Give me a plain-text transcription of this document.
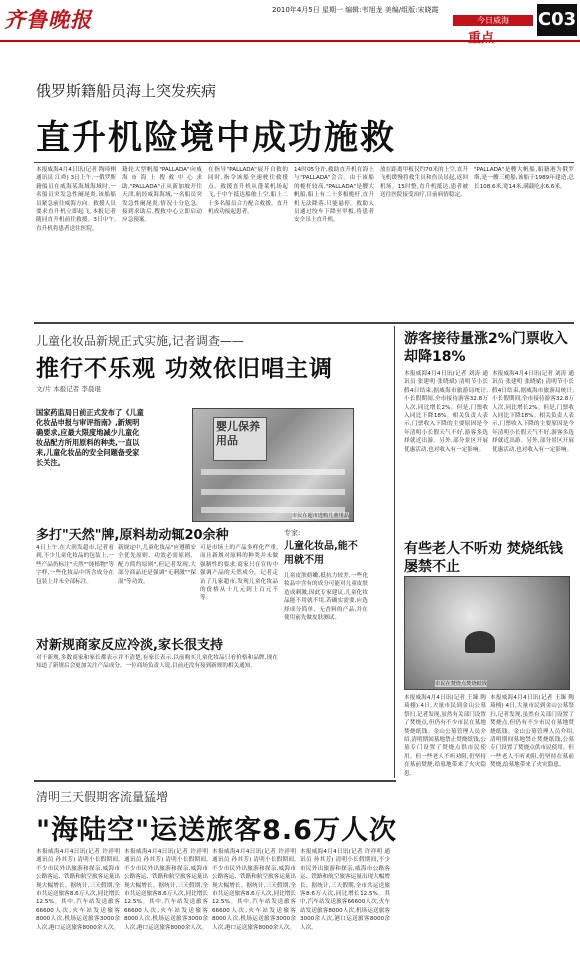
齐鲁晚报	2010年4月5日 星期一 编辑:韦旭龙 美编/组版:宋晓霞
今日威海
重点
C03
俄罗斯籍船员海上突发疾病
直升机险境中成功施救
本报威海4月4日讯(记者 陶琦栩 通讯员 江舜) 3日上午,一俄罗斯籍船员在威海某海域海域时,一名船员突发急性阑尾炎,该船船员紧急前往威海方向。救援人员要求直升机立即起飞,本报记者随同直升机前往救援。3日中午,直升机将患者送往医院。
籍轮大型帆船"PALLADA"向威海市海上搜救中心求助,"PALLADA"正从新加坡开往天津,航经威海海域,一名船员突发急性阑尾炎,情况十分危急。接到求助后,搜救中心立即启动应急预案。
在指导"PALLADA"展开自救的同时,指令该船全速驶往救援点。救援直升机从蓬莱机场起飞,于中午抵达船舶上空,船上二十多名船员合力配合救援。直升机成功接起患者。
14时05分许,救助直升机在海上与"PALLADA"会合。由于该船的桅杆较高,"PALLADA"是艘大帆船,船上有二十多根桅杆,直升机无法降落,只能悬停。救助人员通过绞车下降至甲板,将患者安全吊上直升机。
放在距离甲板仅约70米的上空,直升飞机缓慢将救生员和伤员吊起,返回机场。15时整,直升机抵达,患者被送往医院接受治疗,目前病情稳定。
"PALLADA"是艘大帆船,船籍港为俄罗斯,是一艘三桅船,该船于1989年建造,总长108.6米,宽14米,满载吃水6.6米。
儿童化妆品新规正式实施,记者调查——
推行不乐观 功效依旧唱主调
文/片 本报记者 李晨琨
国家药监局日前正式发布了《儿童化妆品申报与审评指南》,新规明确要求,应最大限度地减少儿童化妆品配方所用原料的种类,一直以来,儿童化妆品的安全问题备受家长关注。
婴儿保养用品
市民在超市选购儿童用品
多打"天然"牌,原料劫动辄20余种
4日上午,在大润发超市,记者看到,不少儿童化妆品的包装上,一些产品仍标注"天然""纯植物"等字样,一些化妆品中所含成分在包装上并未全部标注。
新规定中,儿童化妆品"应遵循安全优先原则、功效必需原则、配方简约原则",但记者发现,大部分商品还是强调"无刺激""保湿"等功效。
可是市场上的产品多样化严重,而且新规对原料的种类并未做强制性的要求,商家只在宣传中强调产品的天然成分。记者走访了几家超市,发现儿童化妆品的价格从十几元到上百元不等。
对新规商家反应冷淡,家长很支持
对于新规,多数商家和家长都表示并不清楚,有家长表示,以前购买儿童化妆品只看价格和品牌,现在知道了新规后会更加关注产品成分。一位商场负责人说,目前还没有接到新规的相关通知。
专家:
儿童化妆品,能不用就不用
儿童皮肤娇嫩,抵抗力较差,一些化妆品中含有的成分可能对儿童皮肤造成刺激,因此专家建议,儿童化妆品能不用就不用,若确实需要,应选择成分简单、无香料的产品,并在使用前先做皮肤测试。
游客接待量涨2%门票收入却降18%
本报威海4月4日讯(记者 刘涛 通讯员 张建明 张晓斌) 清明节小长假4日结束,据威海市旅游局统计,小长假期间,全市接待游客32.8万人次,同比增长2%。但是,门票收入同比下降18%。相关负责人表示,门票收入下降的主要原因是今年清明小长假天气不好,游客多选择就近出游。另外,部分景区开展优惠活动,也对收入有一定影响。
本报威海4月4日讯(记者 刘涛 通讯员 张建明 张晓斌) 清明节小长假4日结束,据威海市旅游局统计,小长假期间,全市接待游客32.8万人次,同比增长2%。但是,门票收入同比下降18%。相关负责人表示,门票收入下降的主要原因是今年清明小长假天气不好,游客多选择就近出游。另外,部分景区开展优惠活动,也对收入有一定影响。
有些老人不听劝 焚烧纸钱屡禁不止
市民在焚烧点焚烧纸钱
本报威海4月4日讯(记者 王臻 陶琦栩) 4日,大量市民到金山公墓祭扫,记者发现,虽然有关部门设置了焚烧点,但仍有不少市民在墓地焚烧纸钱。金山公墓管理人员介绍,清明期间墓地禁止焚烧纸钱,公墓专门设置了焚烧点供市民使用。但一些老人不听劝阻,仍坚持在墓前焚烧,给墓地带来了火灾隐患。
本报威海4月4日讯(记者 王臻 陶琦栩) 4日,大量市民到金山公墓祭扫,记者发现,虽然有关部门设置了焚烧点,但仍有不少市民在墓地焚烧纸钱。金山公墓管理人员介绍,清明期间墓地禁止焚烧纸钱,公墓专门设置了焚烧点供市民使用。但一些老人不听劝阻,仍坚持在墓前焚烧,给墓地带来了火灾隐患。
清明三天假期客流量猛增
"海陆空"运送旅客8.6万人次
本报威海4月4日讯(记者 许祥明 通讯员 孙其芳) 清明小长假期间,不少市民外出旅游和探亲,威海市公路客运、铁路和航空旅客运量出现大幅增长。据统计,三天假期,全市共运送旅客8.6万人次,同比增长12.5%。其中,汽车站发送旅客66600人次,火车站发送旅客8000人次,机场运送旅客3000余人次,港口运送旅客8000余人次。
本报威海4月4日讯(记者 许祥明 通讯员 孙其芳) 清明小长假期间,不少市民外出旅游和探亲,威海市公路客运、铁路和航空旅客运量出现大幅增长。据统计,三天假期,全市共运送旅客8.6万人次,同比增长12.5%。其中,汽车站发送旅客66600人次,火车站发送旅客8000人次,机场运送旅客3000余人次,港口运送旅客8000余人次。
本报威海4月4日讯(记者 许祥明 通讯员 孙其芳) 清明小长假期间,不少市民外出旅游和探亲,威海市公路客运、铁路和航空旅客运量出现大幅增长。据统计,三天假期,全市共运送旅客8.6万人次,同比增长12.5%。其中,汽车站发送旅客66600人次,火车站发送旅客8000人次,机场运送旅客3000余人次,港口运送旅客8000余人次。
本报威海4月4日讯(记者 许祥明 通讯员 孙其芳) 清明小长假期间,不少市民外出旅游和探亲,威海市公路客运、铁路和航空旅客运量出现大幅增长。据统计,三天假期,全市共运送旅客8.6万人次,同比增长12.5%。其中,汽车站发送旅客66600人次,火车站发送旅客8000人次,机场运送旅客3000余人次,港口运送旅客8000余人次。
